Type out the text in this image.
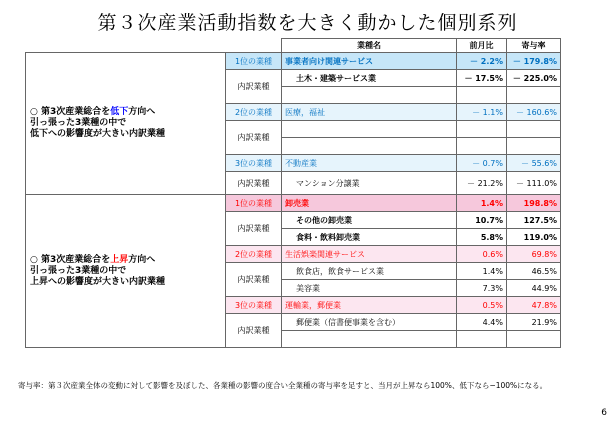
第３次産業活動指数を大きく動かした個別系列
		業種名	前月比	寄与率
○ 第3次産業総合を低下方向へ
引っ張った3業種の中で
低下への影響度が大きい内訳業種	1位の業種	事業者向け関連サービス	－ 2.2%	－ 179.8%
	内訳業種	土木・建築サービス業	－ 17.5%	－ 225.0%

	2位の業種	医療，福祉	－ 1.1%	－ 160.6%
	内訳業種			

	3位の業種	不動産業	－ 0.7%	－ 55.6%
	内訳業種	マンション分譲業	－ 21.2%	－ 111.0%
○ 第3次産業総合を上昇方向へ
引っ張った3業種の中で
上昇への影響度が大きい内訳業種	1位の業種	卸売業	1.4%	198.8%
	内訳業種	その他の卸売業	10.7%	127.5%
		食料・飲料卸売業	5.8%	119.0%
	2位の業種	生活娯楽関連サービス	0.6%	69.8%
	内訳業種	飲食店，飲食サービス業	1.4%	46.5%
		美容業	7.3%	44.9%
	3位の業種	運輸業，郵便業	0.5%	47.8%
	内訳業種	郵便業（信書便事業を含む）	4.4%	21.9%

寄与率：第３次産業全体の変動に対して影響を及ぼした、各業種の影響の度合い全業種の寄与率を足すと、当月が上昇なら100%、低下なら−100%になる。
6
